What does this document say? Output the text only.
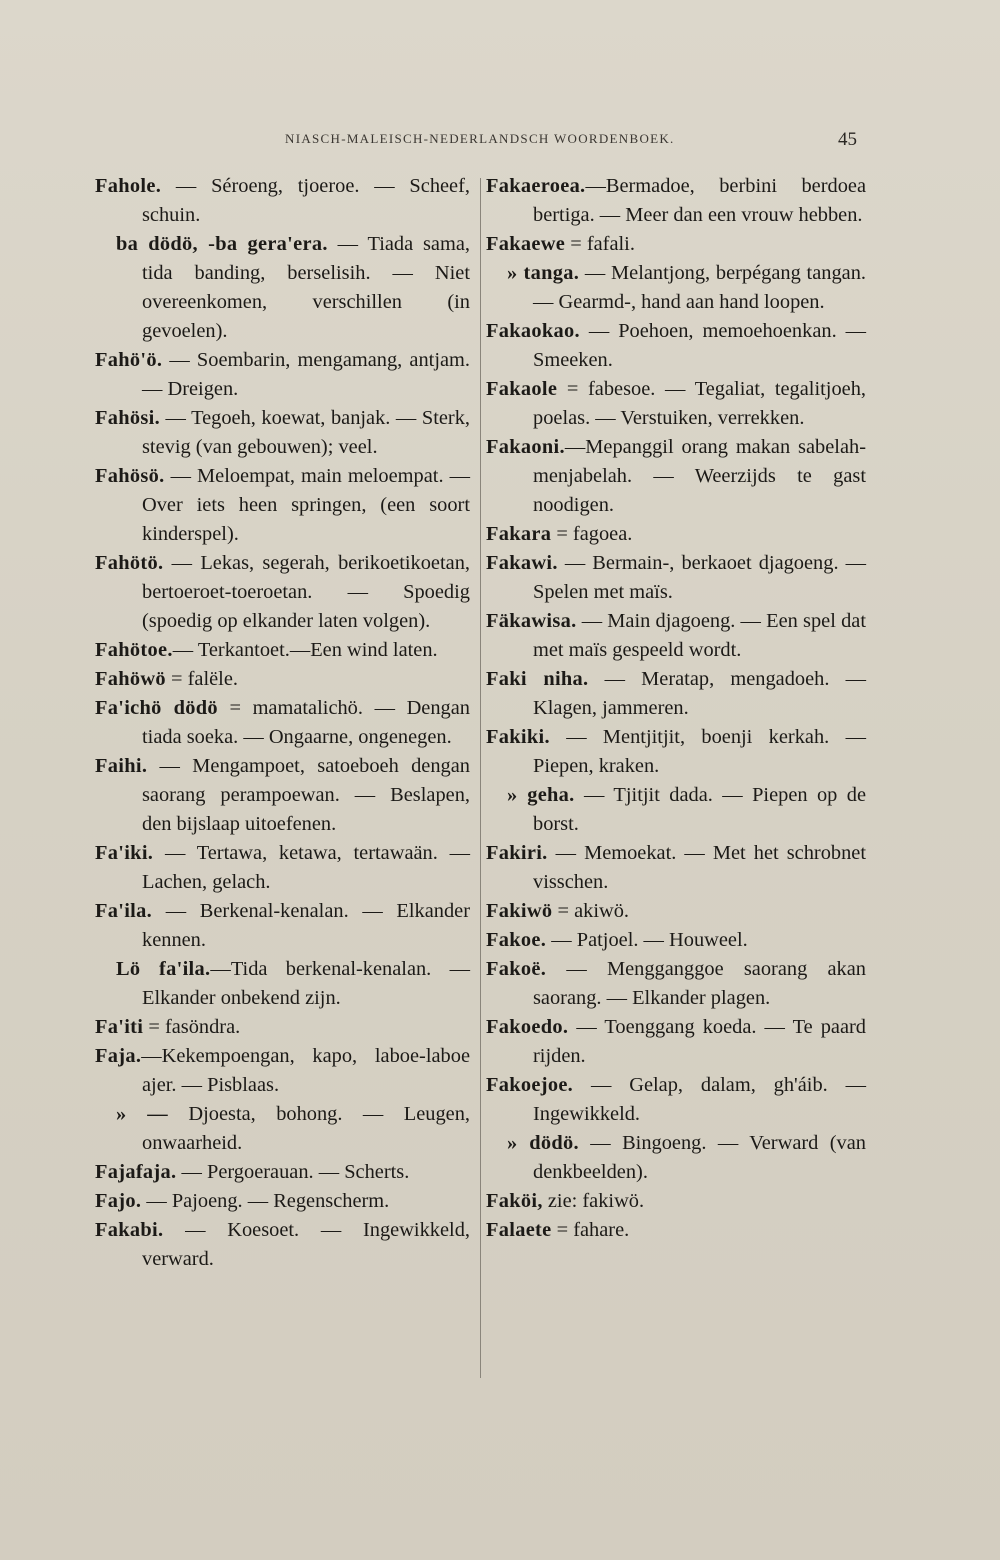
NIASCH-MALEISCH-NEDERLANDSCH WOORDENBOEK.	45

Fahole. — Séroeng, tjoeroe. — Scheef, schuin.

ba dödö, -ba gera'era. — Tiada sama, tida banding, berselisih. — Niet overeenkomen, verschillen (in gevoelen).

Fahö'ö. — Soembarin, mengamang, antjam. — Dreigen.

Fahösi. — Tegoeh, koewat, banjak. — Sterk, stevig (van gebouwen); veel.

Fahösö. — Meloempat, main meloempat. — Over iets heen springen, (een soort kinderspel).

Fahötö. — Lekas, segerah, berikoetikoetan, bertoeroet-toeroetan. — Spoedig (spoedig op elkander laten volgen).

Fahötoe.— Terkantoet.—Een wind laten.

Fahöwö = falële.

Fa'ichö dödö = mamatalichö. — Dengan tiada soeka. — Ongaarne, ongenegen.

Faihi. — Mengampoet, satoeboeh dengan saorang perampoewan. — Beslapen, den bijslaap uitoefenen.

Fa'iki. — Tertawa, ketawa, tertawaän. — Lachen, gelach.

Fa'ila. — Berkenal-kenalan. — Elkander kennen.

Lö fa'ila.—Tida berkenal-kenalan. — Elkander onbekend zijn.

Fa'iti = fasöndra.

Faja.—Kekempoengan, kapo, laboe-laboe ajer. — Pisblaas.

» — Djoesta, bohong. — Leugen, onwaarheid.

Fajafaja. — Pergoerauan. — Scherts.

Fajo. — Pajoeng. — Regenscherm.

Fakabi. — Koesoet. — Ingewikkeld, verward.

Fakaeroea.—Bermadoe, berbini berdoea bertiga. — Meer dan een vrouw hebben.

Fakaewe = fafali.

» tanga. — Melantjong, berpégang tangan. — Gearmd-, hand aan hand loopen.

Fakaokao. — Poehoen, memoehoenkan. — Smeeken.

Fakaole = fabesoe. — Tegaliat, tegalitjoeh, poelas. — Verstuiken, verrekken.

Fakaoni.—Mepanggil orang makan sabelah-menjabelah. — Weerzijds te gast noodigen.

Fakara = fagoea.

Fakawi. — Bermain-, berkaoet djagoeng. — Spelen met maïs.

Fäkawisa. — Main djagoeng. — Een spel dat met maïs gespeeld wordt.

Faki niha. — Meratap, mengadoeh. — Klagen, jammeren.

Fakiki. — Mentjitjit, boenji kerkah. — Piepen, kraken.

» geha. — Tjitjit dada. — Piepen op de borst.

Fakiri. — Memoekat. — Met het schrobnet visschen.

Fakiwö = akiwö.

Fakoe. — Patjoel. — Houweel.

Fakoë. — Mengganggoe saorang akan saorang. — Elkander plagen.

Fakoedo. — Toenggang koeda. — Te paard rijden.

Fakoejoe. — Gelap, dalam, gh'áib. — Ingewikkeld.

» dödö. — Bingoeng. — Verward (van denkbeelden).

Faköi, zie: fakiwö.

Falaete = fahare.
